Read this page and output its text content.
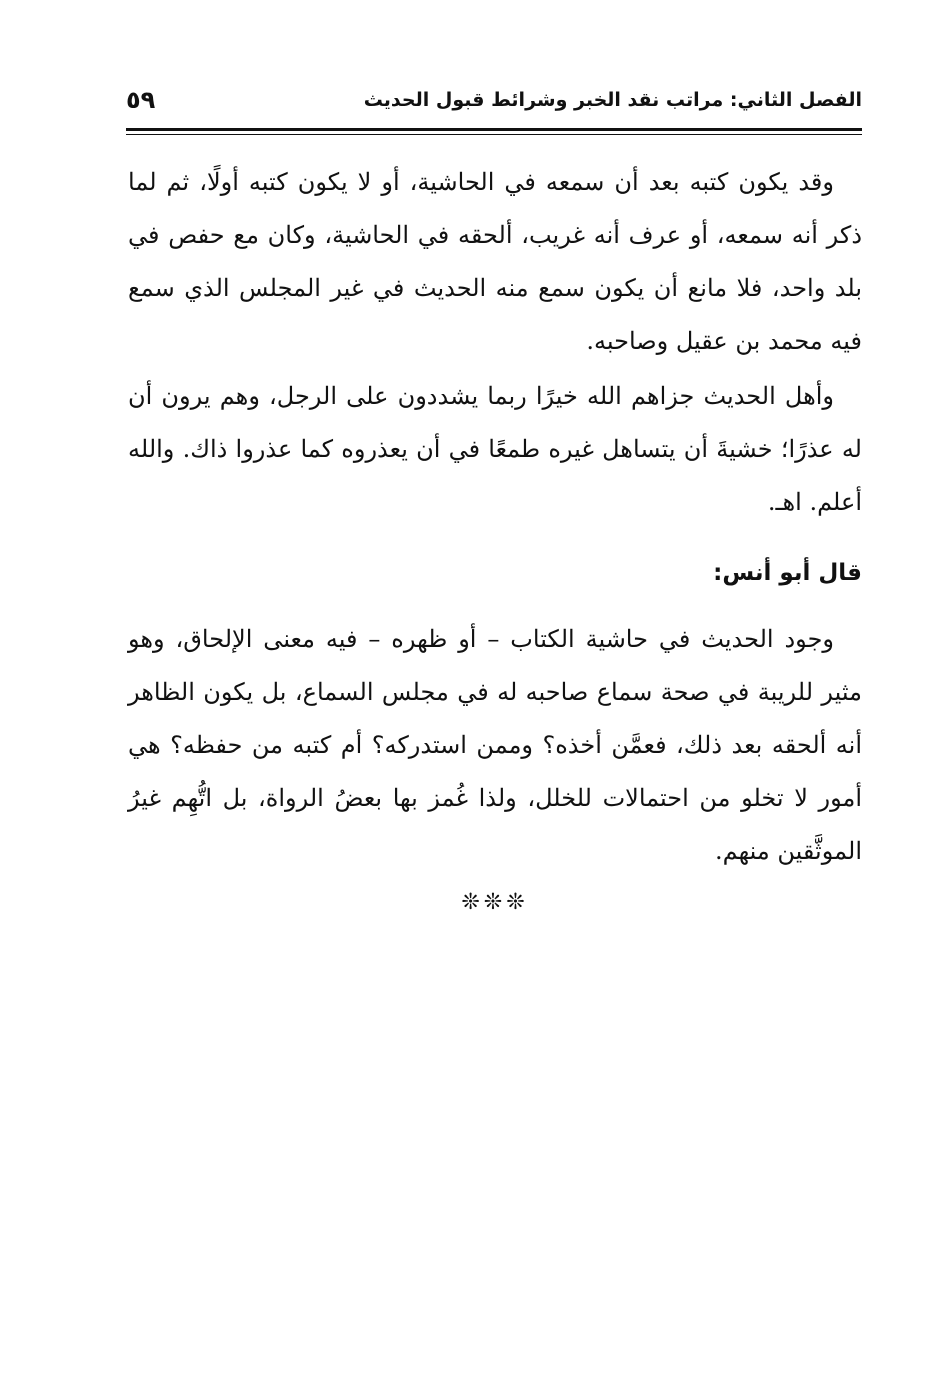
الفصل الثاني: مراتب نقد الخبر وشرائط قبول الحديث
٥٩

وقد يكون كتبه بعد أن سمعه في الحاشية، أو لا يكون كتبه أولًا، ثم لما ذكر أنه سمعه، أو عرف أنه غريب، ألحقه في الحاشية، وكان مع حفص في بلد واحد، فلا مانع أن يكون سمع منه الحديث في غير المجلس الذي سمع فيه محمد بن عقيل وصاحبه.

وأهل الحديث جزاهم الله خيرًا ربما يشددون على الرجل، وهم يرون أن له عذرًا؛ خشيةَ أن يتساهل غيره طمعًا في أن يعذروه كما عذروا ذاك. والله أعلم. اهـ.

قال أبو أنس:

وجود الحديث في حاشية الكتاب – أو ظهره – فيه معنى الإلحاق، وهو مثير للريبة في صحة سماع صاحبه له في مجلس السماع، بل يكون الظاهر أنه ألحقه بعد ذلك، فعمَّن أخذه؟ وممن استدركه؟ أم كتبه من حفظه؟ هي أمور لا تخلو من احتمالات للخلل، ولذا غُمز بها بعضُ الرواة، بل اتُّهِم غيرُ الموثَّقين منهم.

❊❊❊
